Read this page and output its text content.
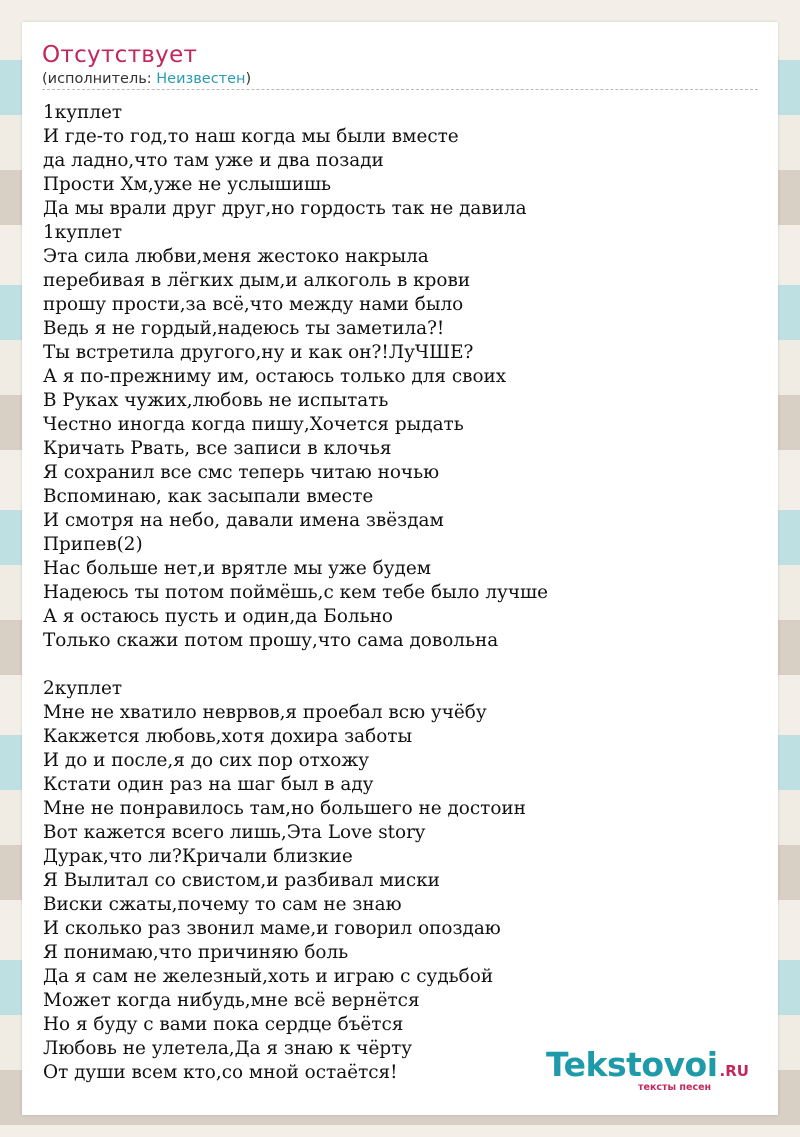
Отсутствует
(исполнитель: Неизвестен)
1куплет
И где-то год,то наш когда мы были вместе
да ладно,что там уже и два позади
Прости Хм,уже не услышишь
Да мы врали друг друг,но гордость так не давила
1куплет
Эта сила любви,меня жестоко накрыла
перебивая в лёгких дым,и алкоголь в крови
прошу прости,за всё,что между нами было
Ведь я не гордый,надеюсь ты заметила?!
Ты встретила другого,ну и как он?!ЛуЧШЕ?
А я по-прежниму им, остаюсь только для своих
В Руках чужих,любовь не испытать
Честно иногда когда пишу,Хочется рыдать
Кричать Рвать, все записи в клочья
Я сохранил все смс теперь читаю ночью
Вспоминаю, как засыпали вместе
И смотря на небо, давали имена звёздам
Припев(2)
Нас больше нет,и врятле мы уже будем
Надеюсь ты потом поймёшь,с кем тебе было лучше
А я остаюсь пусть и один,да Больно
Только скажи потом прошу,что сама довольна
2куплет
Мне не хватило неврвов,я проебал всю учёбу
Какжется любовь,хотя дохира заботы
И до и после,я до сих пор отхожу
Кстати один раз на шаг был в аду
Мне не понравилось там,но большего не достоин
Вот кажется всего лишь,Эта Love story
Дурак,что ли?Кричали близкие
Я Вылитал со свистом,и разбивал миски
Виски сжаты,почему то сам не знаю
И сколько раз звонил маме,и говорил опоздаю
Я понимаю,что причиняю боль
Да я сам не железный,хоть и играю с судьбой
Может когда нибудь,мне всё вернётся
Но я буду с вами пока сердце бъётся
Любовь не улетела,Да я знаю к чёрту
От души всем кто,со мной остаётся!	Tekstovoi .RU
тексты песен
